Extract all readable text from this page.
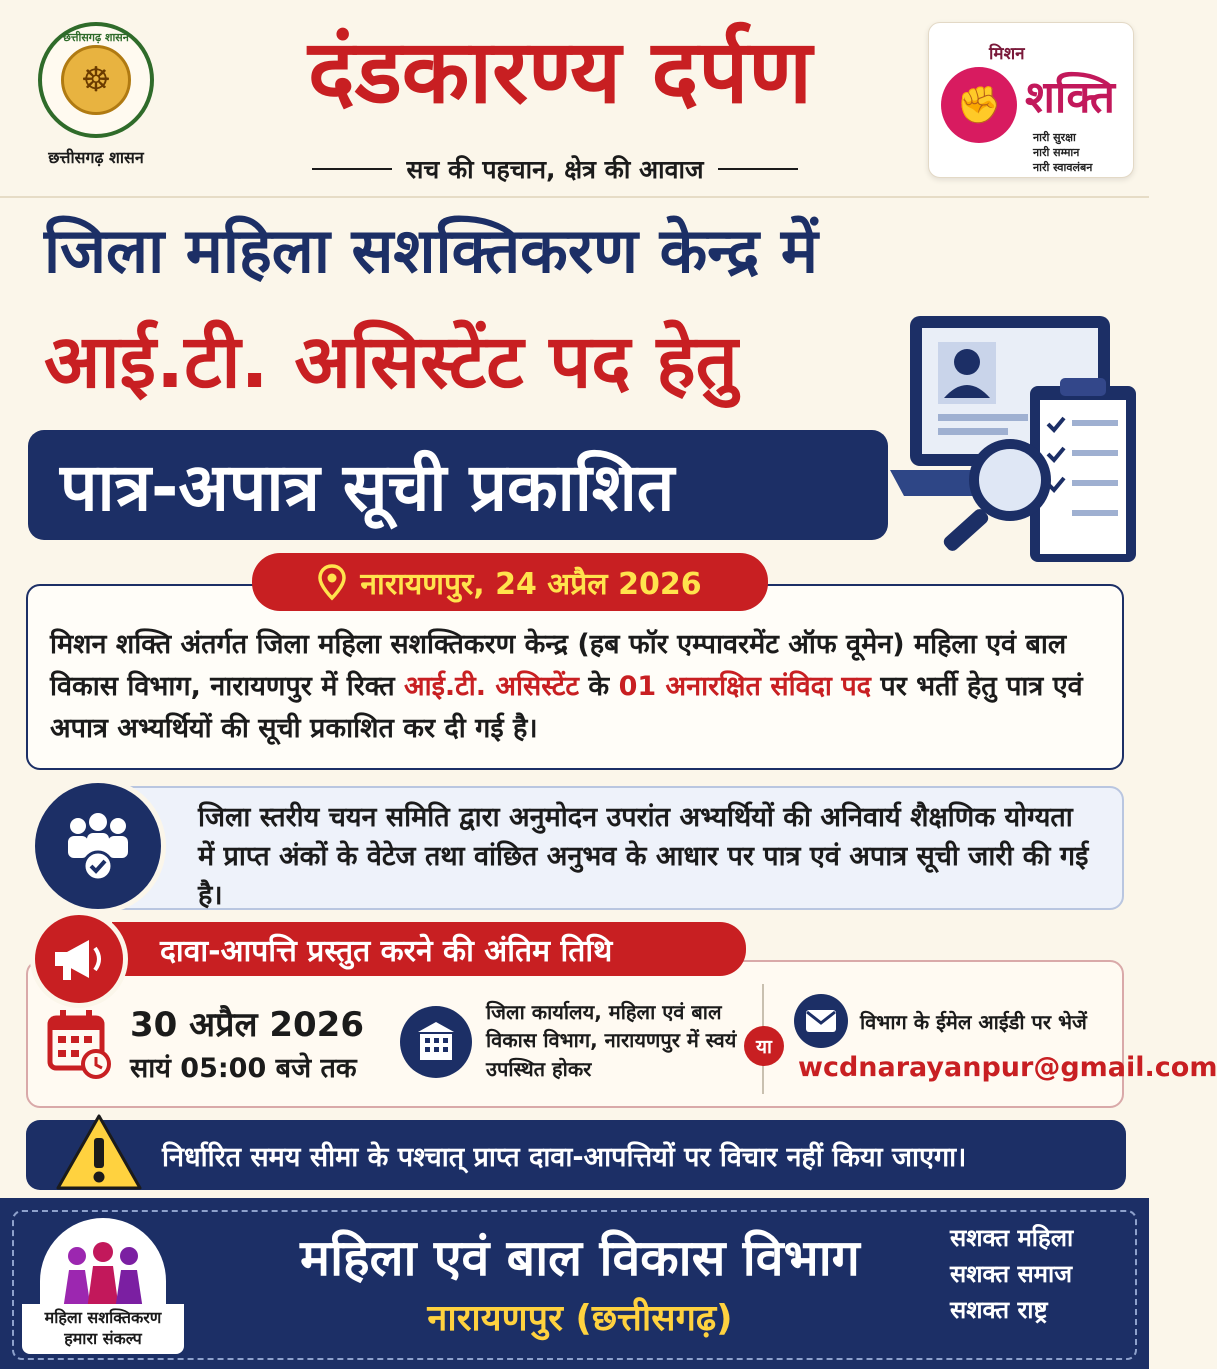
छत्तीसगढ़ शासन
☸
छत्तीसगढ़ शासन
दंडकारण्य दर्पण
सच की पहचान, क्षेत्र की आवाज
मिशन
✊ शक्ति
नारी सुरक्षा
नारी सम्मान
नारी स्वावलंबन
जिला महिला सशक्तिकरण केन्द्र में
आई.टी. असिस्टेंट पद हेतु
पात्र-अपात्र सूची प्रकाशित
नारायणपुर, 24 अप्रैल 2026
मिशन शक्ति अंतर्गत जिला महिला सशक्तिकरण केन्द्र (हब फॉर एम्पावरमेंट ऑफ वूमेन) महिला एवं बाल विकास विभाग, नारायणपुर में रिक्त आई.टी. असिस्टेंट के 01 अनारक्षित संविदा पद पर भर्ती हेतु पात्र एवं अपात्र अभ्यर्थियों की सूची प्रकाशित कर दी गई है।
जिला स्तरीय चयन समिति द्वारा अनुमोदन उपरांत अभ्यर्थियों की अनिवार्य शैक्षणिक योग्यता में प्राप्त अंकों के वेटेज तथा वांछित अनुभव के आधार पर पात्र एवं अपात्र सूची जारी की गई है।
दावा-आपत्ति प्रस्तुत करने की अंतिम तिथि
30 अप्रैल 2026
सायं 05:00 बजे तक
जिला कार्यालय, महिला एवं बाल विकास विभाग, नारायणपुर में स्वयं उपस्थित होकर
या
विभाग के ईमेल आईडी पर भेजें
wcdnarayanpur@gmail.com
निर्धारित समय सीमा के पश्चात् प्राप्त दावा-आपत्तियों पर विचार नहीं किया जाएगा।
महिला सशक्तिकरण
हमारा संकल्प
महिला एवं बाल विकास विभाग
नारायणपुर (छत्तीसगढ़)
सशक्त महिला
सशक्त समाज
सशक्त राष्ट्र
